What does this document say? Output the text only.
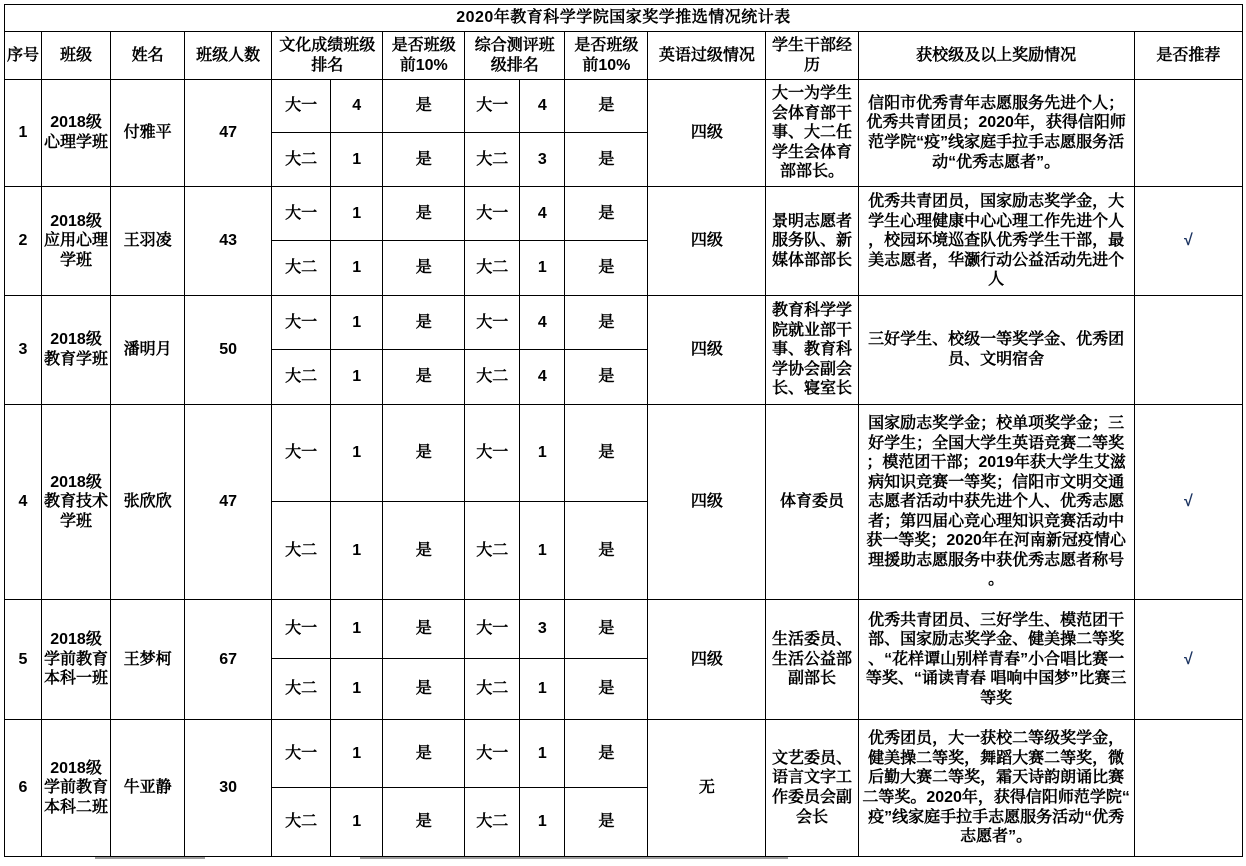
2020年教育科学学院国家奖学推选情况统计表													
序号	班级	姓名	班级人数	文化成绩班级排名		是否班级前10%	综合测评班级排名		是否班级前10%	英语过级情况	学生干部经历	获校级及以上奖励情况	是否推荐
1	2018级心理学班	付雅平	47	大一	4	是	大一	4	是	四级	大一为学生会体育部干事、大二任学生会体育部部长。	信阳市优秀青年志愿服务先进个人；优秀共青团员；2020年，获得信阳师范学院“疫”线家庭手拉手志愿服务活动“优秀志愿者”。	
				大二	1	是	大二	3	是				
2	2018级应用心理学班	王羽凌	43	大一	1	是	大一	4	是	四级	景明志愿者服务队、新媒体部部长	优秀共青团员，国家励志奖学金，大学生心理健康中心心理工作先进个人，校园环境巡查队优秀学生干部，最美志愿者，华灏行动公益活动先进个人	√
				大二	1	是	大二	1	是				
3	2018级教育学班	潘明月	50	大一	1	是	大一	4	是	四级	教育科学学院就业部干事、教育科学协会副会长、寝室长	三好学生、校级一等奖学金、优秀团员、文明宿舍	
				大二	1	是	大二	4	是				
4	2018级教育技术学班	张欣欣	47	大一	1	是	大一	1	是	四级	体育委员	国家励志奖学金；校单项奖学金；三好学生；全国大学生英语竞赛二等奖；模范团干部；2019年获大学生艾滋病知识竞赛一等奖；信阳市文明交通志愿者活动中获先进个人、优秀志愿者；第四届心竞心理知识竞赛活动中获一等奖；2020年在河南新冠疫情心理援助志愿服务中获优秀志愿者称号。	√
				大二	1	是	大二	1	是				
5	2018级学前教育本科一班	王梦柯	67	大一	1	是	大一	3	是	四级	生活委员、生活公益部副部长	优秀共青团员、三好学生、模范团干部、国家励志奖学金、健美操二等奖、“花样谭山别样青春”小合唱比赛一等奖、“诵读青春 唱响中国梦”比赛三等奖	√
				大二	1	是	大二	1	是				
6	2018级学前教育本科二班	牛亚静	30	大一	1	是	大一	1	是	无	文艺委员、语言文字工作委员会副会长	优秀团员，大一获校二等级奖学金，健美操二等奖，舞蹈大赛二等奖，微后勤大赛二等奖，霜天诗韵朗诵比赛二等奖。2020年，获得信阳师范学院“疫”线家庭手拉手志愿服务活动“优秀志愿者”。	
				大二	1	是	大二	1	是				
